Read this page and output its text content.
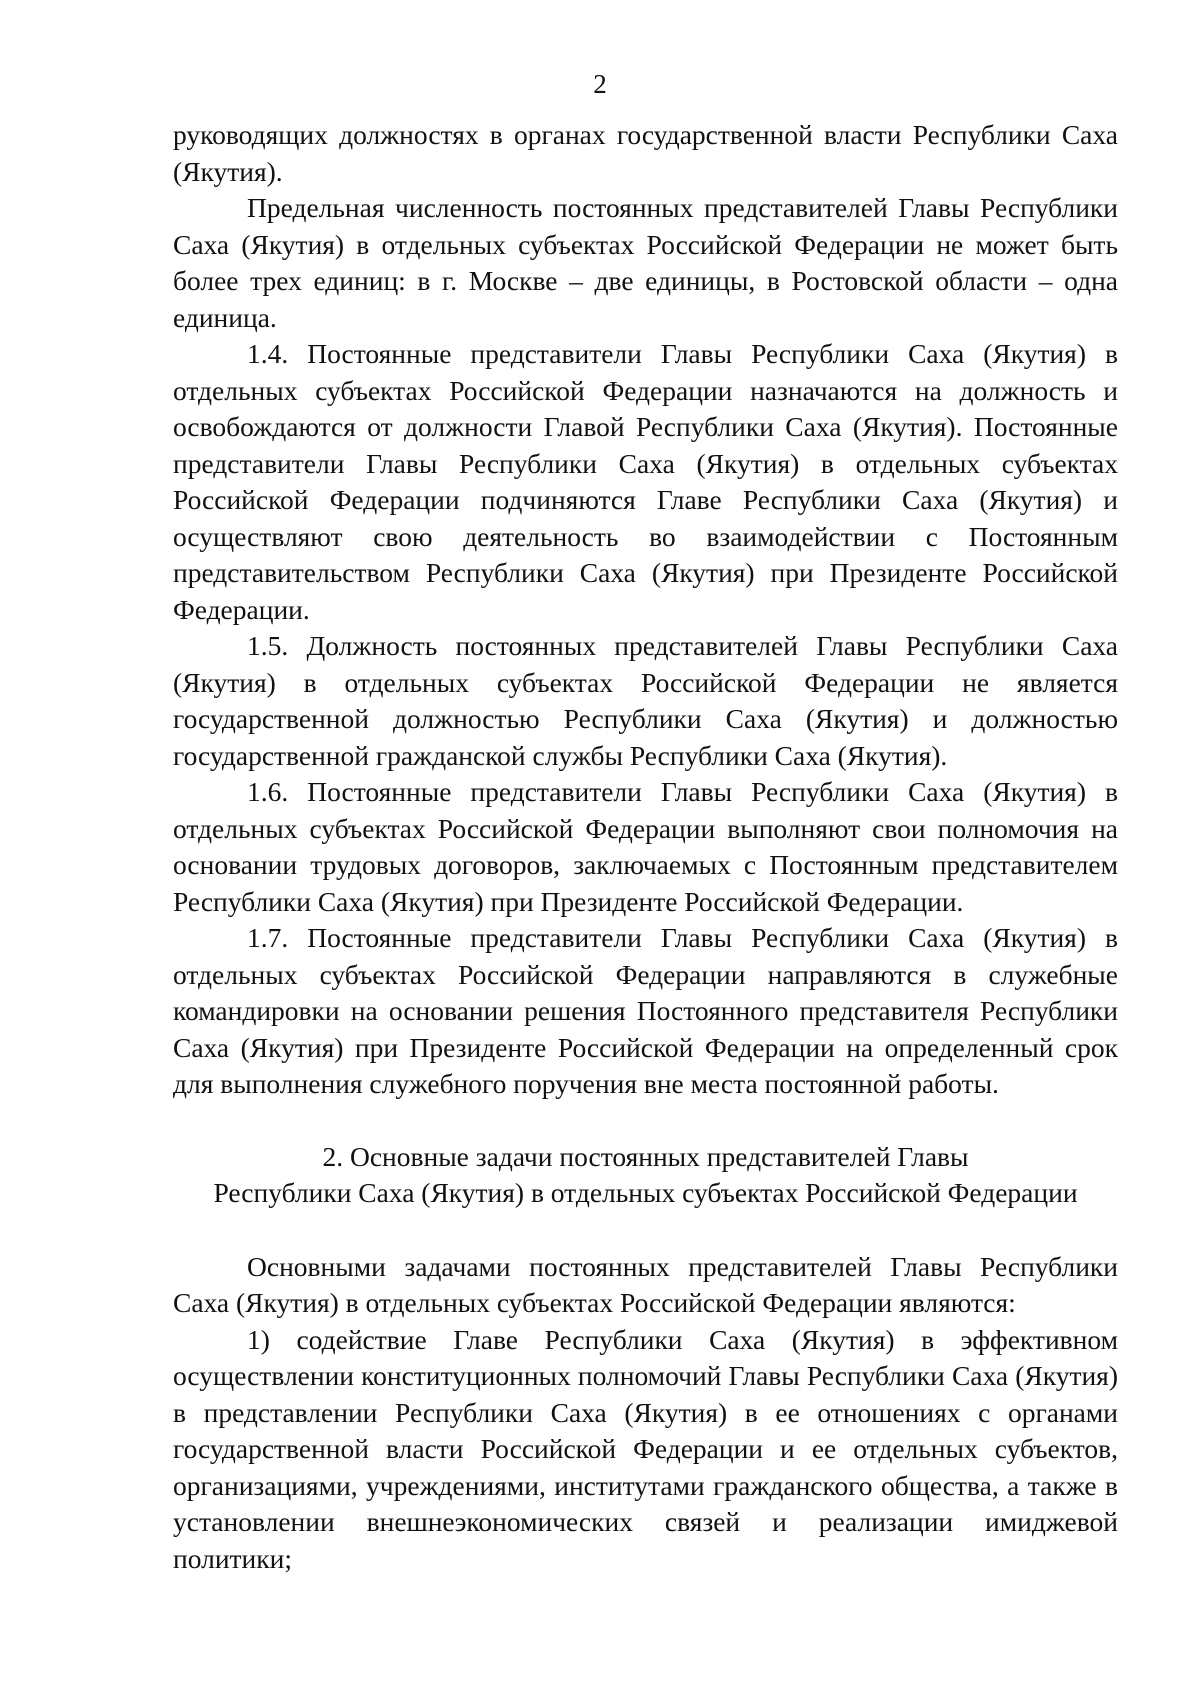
2

руководящих должностях в органах государственной власти Республики Саха (Якутия).

Предельная численность постоянных представителей Главы Республики Саха (Якутия) в отдельных субъектах Российской Федерации не может быть более трех единиц: в г. Москве – две единицы, в Ростовской области – одна единица.

1.4. Постоянные представители Главы Республики Саха (Якутия) в отдельных субъектах Российской Федерации назначаются на должность и освобождаются от должности Главой Республики Саха (Якутия). Постоянные представители Главы Республики Саха (Якутия) в отдельных субъектах Российской Федерации подчиняются Главе Республики Саха (Якутия) и осуществляют свою деятельность во взаимодействии с Постоянным представительством Республики Саха (Якутия) при Президенте Российской Федерации.

1.5. Должность постоянных представителей Главы Республики Саха (Якутия) в отдельных субъектах Российской Федерации не является государственной должностью Республики Саха (Якутия) и должностью государственной гражданской службы Республики Саха (Якутия).

1.6. Постоянные представители Главы Республики Саха (Якутия) в отдельных субъектах Российской Федерации выполняют свои полномочия на основании трудовых договоров, заключаемых с Постоянным представителем Республики Саха (Якутия) при Президенте Российской Федерации.

1.7. Постоянные представители Главы Республики Саха (Якутия) в отдельных субъектах Российской Федерации направляются в служебные командировки на основании решения Постоянного представителя Республики Саха (Якутия) при Президенте Российской Федерации на определенный срок для выполнения служебного поручения вне места постоянной работы.

2. Основные задачи постоянных представителей Главы
Республики Саха (Якутия) в отдельных субъектах Российской Федерации

Основными задачами постоянных представителей Главы Республики Саха (Якутия) в отдельных субъектах Российской Федерации являются:

1) содействие Главе Республики Саха (Якутия) в эффективном осуществлении конституционных полномочий Главы Республики Саха (Якутия) в представлении Республики Саха (Якутия) в ее отношениях с органами государственной власти Российской Федерации и ее отдельных субъектов, организациями, учреждениями, институтами гражданского общества, а также в установлении внешнеэкономических связей и реализации имиджевой политики;
